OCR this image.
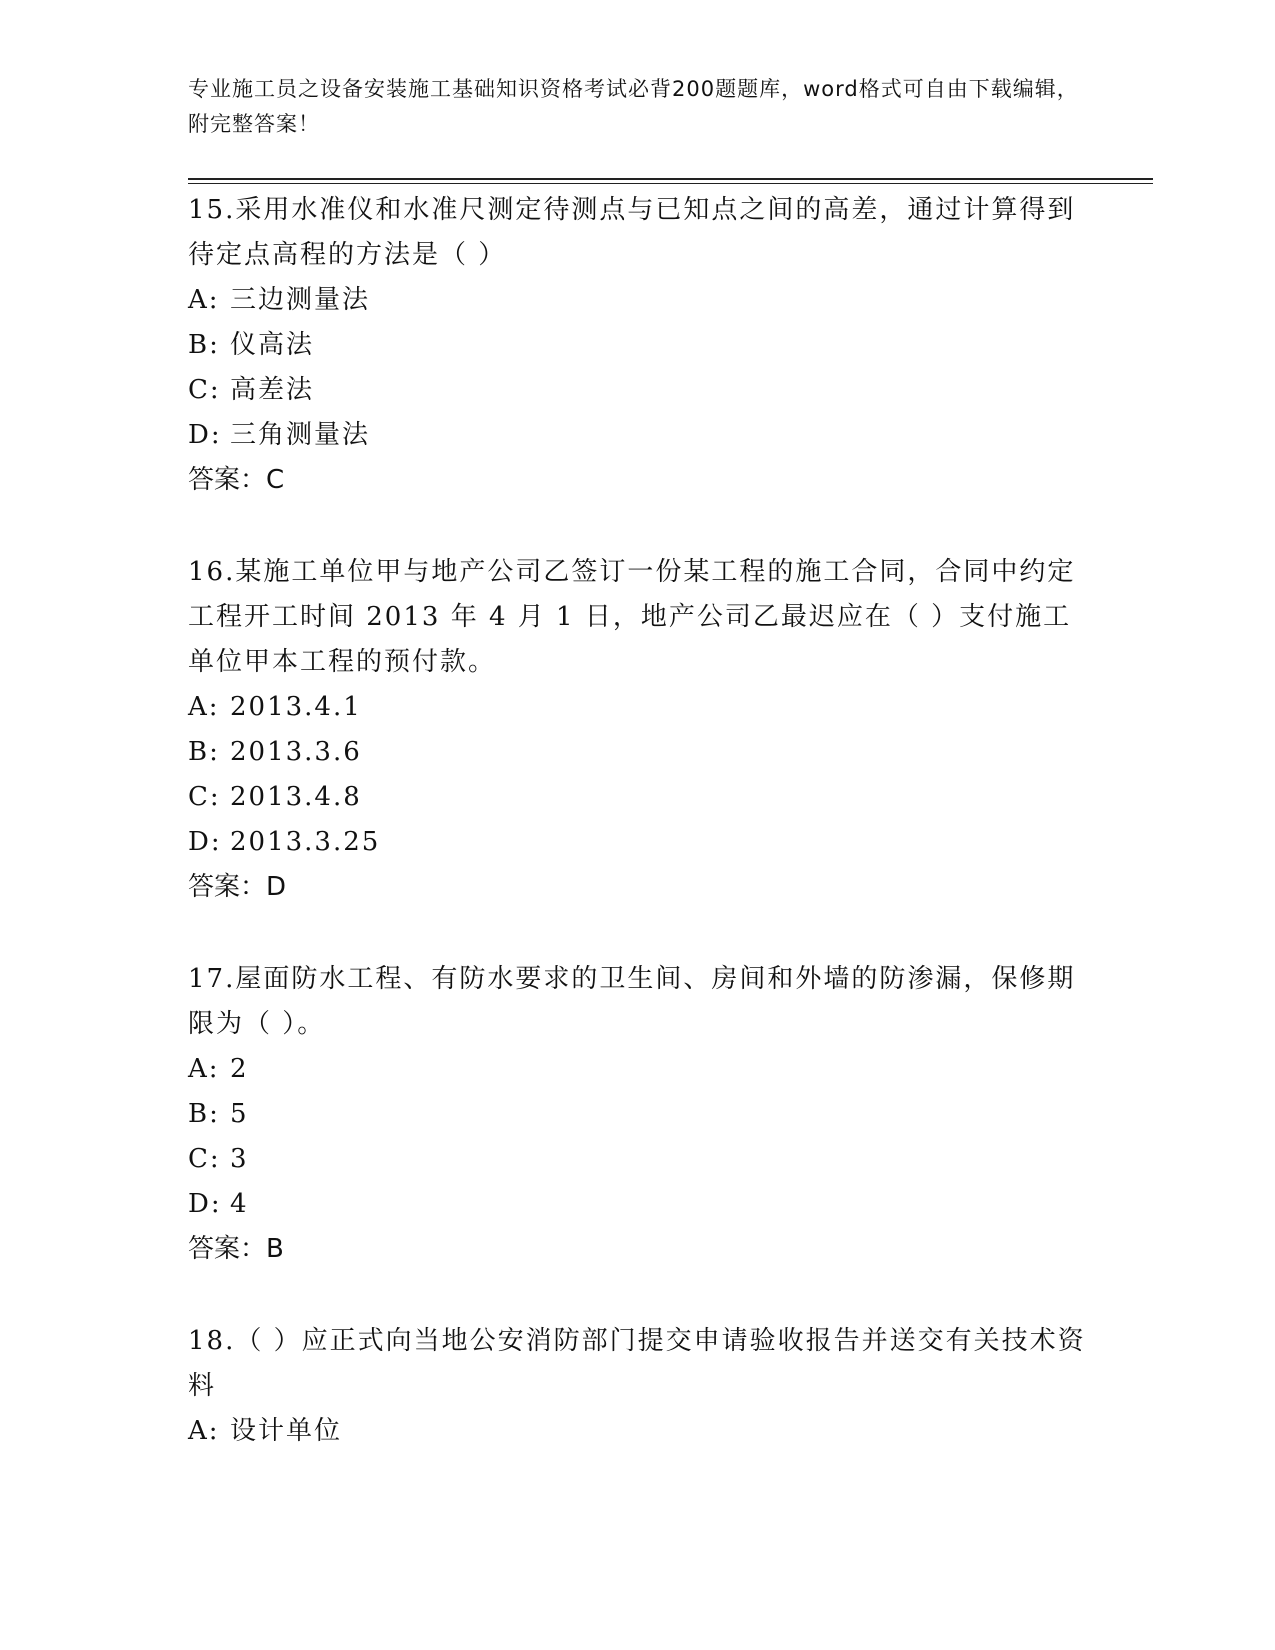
专业施工员之设备安装施工基础知识资格考试必背200题题库，word格式可自由下载编辑，附完整答案！

15.采用水准仪和水准尺测定待测点与已知点之间的高差，通过计算得到待定点高程的方法是（ ）

A: 三边测量法

B: 仪高法

C: 高差法

D: 三角测量法

答案：C

16.某施工单位甲与地产公司乙签订一份某工程的施工合同，合同中约定工程开工时间 2013 年 4 月 1 日，地产公司乙最迟应在（ ）支付施工单位甲本工程的预付款。

A: 2013.4.1

B: 2013.3.6

C: 2013.4.8

D: 2013.3.25

答案：D

17.屋面防水工程、有防水要求的卫生间、房间和外墙的防渗漏，保修期限为（ ）。

A: 2

B: 5

C: 3

D: 4

答案：B

18.（ ）应正式向当地公安消防部门提交申请验收报告并送交有关技术资料

A: 设计单位
